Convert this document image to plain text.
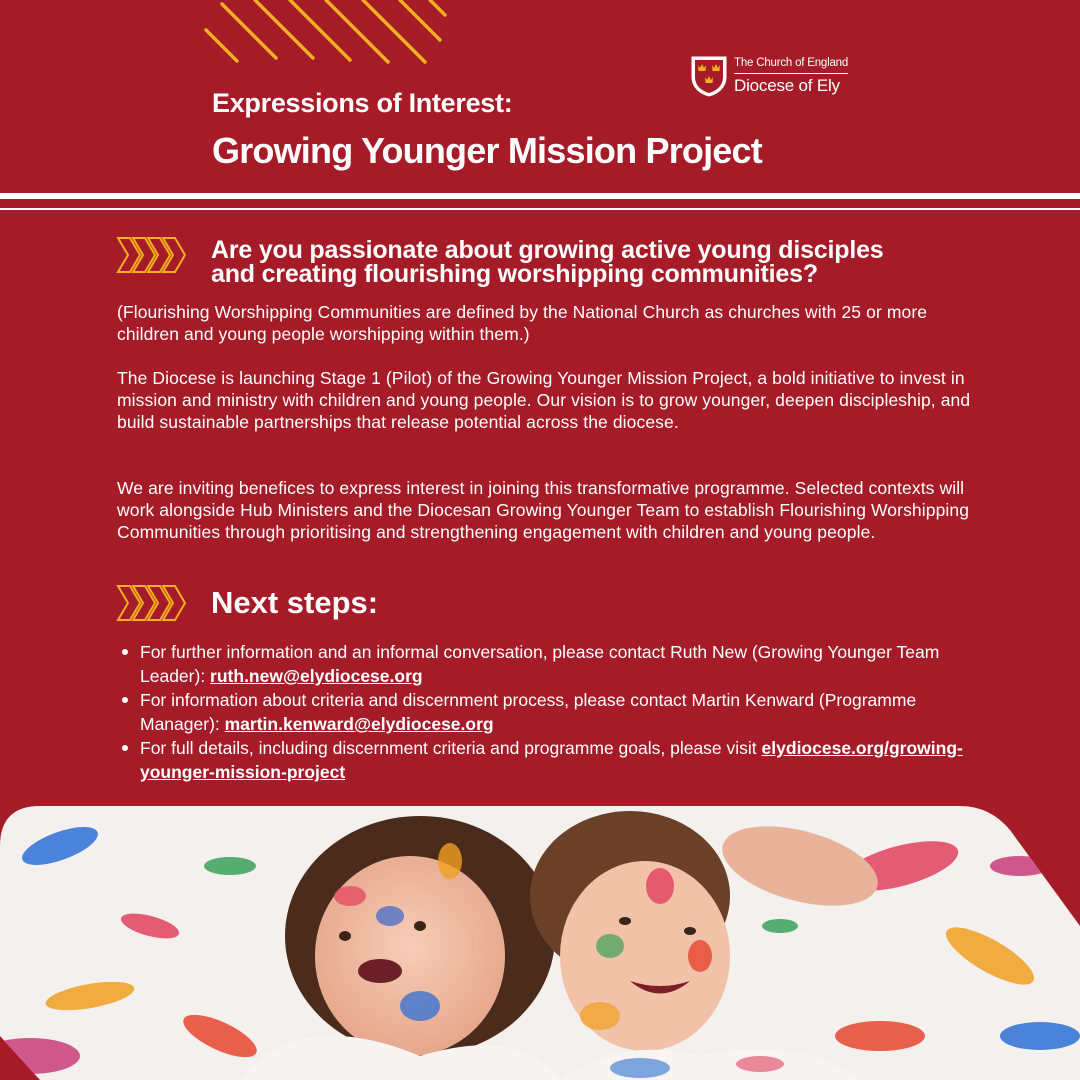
The Church of England
Diocese of Ely
Expressions of Interest:
Growing Younger Mission Project
Are you passionate about growing active young disciples
and creating flourishing worshipping communities?

(Flourishing Worshipping Communities are defined by the National Church as churches with 25 or more children and young people worshipping within them.)

The Diocese is launching Stage 1 (Pilot) of the Growing Younger Mission Project, a bold initiative to invest in mission and ministry with children and young people. Our vision is to grow younger, deepen discipleship, and build sustainable partnerships that release potential across the diocese.

We are inviting benefices to express interest in joining this transformative programme. Selected contexts will work alongside Hub Ministers and the Diocesan Growing Younger Team to establish Flourishing Worshipping Communities through prioritising and strengthening engagement with children and young people.

Next steps:
For further information and an informal conversation, please contact Ruth New (Growing Younger Team Leader): ruth.new@elydiocese.org
For information about criteria and discernment process, please contact Martin Kenward (Programme Manager): martin.kenward@elydiocese.org
For full details, including discernment criteria and programme goals, please visit elydiocese.org/growing-younger-mission-project
